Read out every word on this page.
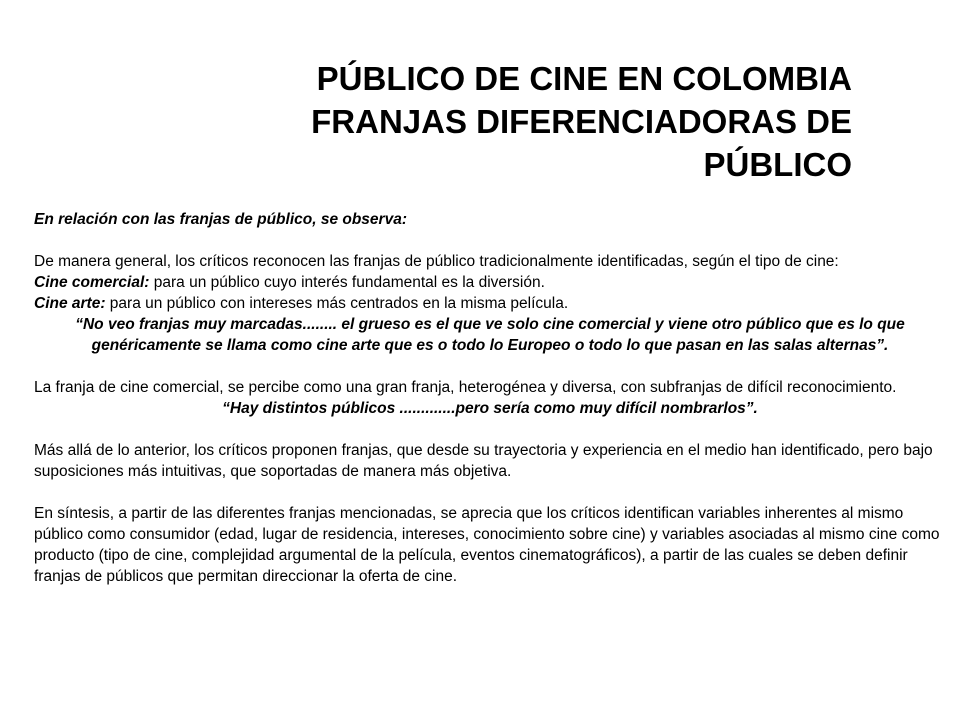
PÚBLICO DE CINE EN COLOMBIA
FRANJAS DIFERENCIADORAS DE
PÚBLICO

En relación con las franjas de público, se observa:

De manera general, los críticos reconocen las franjas de público tradicionalmente identificadas, según el tipo de cine:

Cine comercial: para un público cuyo interés fundamental es la diversión.

Cine arte: para un público con intereses más centrados en la misma película.

“No veo franjas muy marcadas........ el grueso es el que ve solo cine comercial y viene otro público que es lo que genéricamente se llama como cine arte que es o todo lo Europeo o todo lo que pasan en las salas alternas”.

La franja de cine comercial, se percibe como una gran franja, heterogénea y diversa, con subfranjas de difícil reconocimiento.

“Hay distintos públicos .............pero sería como muy difícil nombrarlos”.

Más allá de lo anterior, los críticos proponen franjas, que desde su trayectoria y experiencia en el medio han identificado, pero bajo suposiciones más intuitivas, que soportadas de manera más objetiva.

En síntesis, a partir de las diferentes franjas mencionadas, se aprecia que los críticos identifican variables inherentes al mismo público como consumidor (edad, lugar de residencia, intereses, conocimiento sobre cine) y variables asociadas al mismo cine como producto (tipo de cine, complejidad argumental de la película, eventos cinematográficos), a partir de las cuales se deben definir franjas de públicos que permitan direccionar la oferta de cine.
